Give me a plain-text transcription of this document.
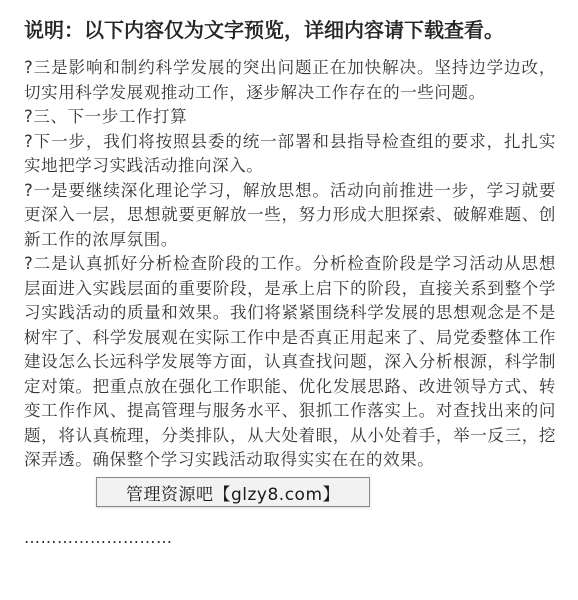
说明：以下内容仅为文字预览，详细内容请下载查看。

?三是影响和制约科学发展的突出问题正在加快解决。坚持边学边改，切实用科学发展观推动工作，逐步解决工作存在的一些问题。

?三、下一步工作打算

?下一步，我们将按照县委的统一部署和县指导检查组的要求，扎扎实实地把学习实践活动推向深入。

?一是要继续深化理论学习，解放思想。活动向前推进一步，学习就要更深入一层，思想就要更解放一些，努力形成大胆探索、破解难题、创新工作的浓厚氛围。

?二是认真抓好分析检查阶段的工作。分析检查阶段是学习活动从思想层面进入实践层面的重要阶段，是承上启下的阶段，直接关系到整个学习实践活动的质量和效果。我们将紧紧围绕科学发展的思想观念是不是树牢了、科学发展观在实际工作中是否真正用起来了、局党委整体工作建设怎么长远科学发展等方面，认真查找问题，深入分析根源，科学制定对策。把重点放在强化工作职能、优化发展思路、改进领导方式、转变工作作风、提高管理与服务水平、狠抓工作落实上。对查找出来的问题，将认真梳理，分类排队，从大处着眼，从小处着手，举一反三，挖深弄透。确保整个学习实践活动取得实实在在的效果。

………………………
管理资源吧【glzy8.com】
